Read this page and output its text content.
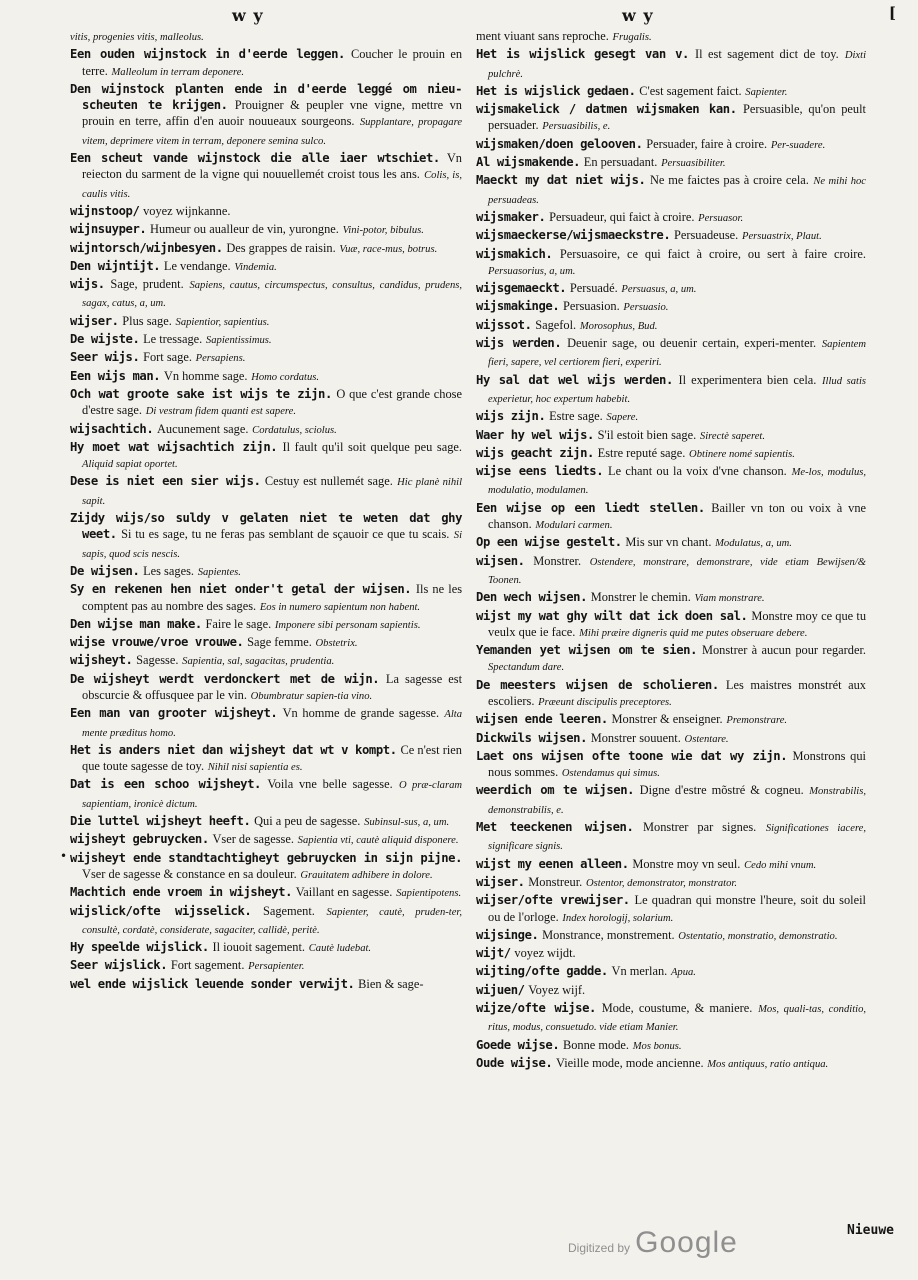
w y	w y	[
•

vitis, progenies vitis, malleolus.

Een ouden wijnstock in d'eerde leggen. Coucher le prouin en terre. Malleolum in terram deponere.

Den wijnstock planten ende in d'eerde leggé om nieu-scheuten te krijgen. Prouigner & peupler vne vigne, mettre vn prouin en terre, affin d'en auoir nouueaux sourgeons. Supplantare, propagare vitem, deprimere vitem in terram, deponere semina sulco.

Een scheut vande wijnstock die alle iaer wtschiet. Vn reiecton du sarment de la vigne qui nouuellemét croist tous les ans. Colis, is, caulis vitis.

wijnstoop/ voyez wijnkanne.

wijnsuyper. Humeur ou aualleur de vin, yurongne. Vini-potor, bibulus.

wijntorsch/wijnbesyen. Des grappes de raisin. Vuæ, race-mus, botrus.

Den wijntijt. Le vendange. Vindemia.

wijs. Sage, prudent. Sapiens, cautus, circumspectus, consultus, candidus, prudens, sagax, catus, a, um.

wijser. Plus sage. Sapientior, sapientius.

De wijste. Le tressage. Sapientissimus.

Seer wijs. Fort sage. Persapiens.

Een wijs man. Vn homme sage. Homo cordatus.

Och wat groote sake ist wijs te zijn. O que c'est grande chose d'estre sage. Di vestram fidem quanti est sapere.

wijsachtich. Aucunement sage. Cordatulus, sciolus.

Hy moet wat wijsachtich zijn. Il fault qu'il soit quelque peu sage. Aliquid sapiat oportet.

Dese is niet een sier wijs. Cestuy est nullemét sage. Hic planè nihil sapit.

Zijdy wijs/so suldy v gelaten niet te weten dat ghy weet. Si tu es sage, tu ne feras pas semblant de sçauoir ce que tu scais. Si sapis, quod scis nescis.

De wijsen. Les sages. Sapientes.

Sy en rekenen hen niet onder't getal der wijsen. Ils ne les comptent pas au nombre des sages. Eos in numero sapientum non habent.

Den wijse man make. Faire le sage. Imponere sibi personam sapientis.

wijse vrouwe/vroe vrouwe. Sage femme. Obstetrix.

wijsheyt. Sagesse. Sapientia, sal, sagacitas, prudentia.

De wijsheyt werdt verdonckert met de wijn. La sagesse est obscurcie & offusquee par le vin. Obumbratur sapien-tia vino.

Een man van grooter wijsheyt. Vn homme de grande sagesse. Alta mente præditus homo.

Het is anders niet dan wijsheyt dat wt v kompt. Ce n'est rien que toute sagesse de toy. Nihil nisi sapientia es.

Dat is een schoo wijsheyt. Voila vne belle sagesse. O præ-claram sapientiam, ironicè dictum.

Die luttel wijsheyt heeft. Qui a peu de sagesse. Subinsul-sus, a, um.

wijsheyt gebruycken. Vser de sagesse. Sapientia vti, cautè aliquid disponere.

wijsheyt ende standtachtigheyt gebruycken in sijn pijne. Vser de sagesse & constance en sa douleur. Grauitatem adhibere in dolore.

Machtich ende vroem in wijsheyt. Vaillant en sagesse. Sapientipotens.

wijslick/ofte wijsselick. Sagement. Sapienter, cautè, pruden-ter, consultè, cordatè, considerate, sagaciter, callidè, peritè.

Hy speelde wijslick. Il iouoit sagement. Cautè ludebat.

Seer wijslick. Fort sagement. Persapienter.

wel ende wijslick leuende sonder verwijt. Bien & sage-

ment viuant sans reproche. Frugalis.

Het is wijslick gesegt van v. Il est sagement dict de toy. Dixti pulchrè.

Het is wijslick gedaen. C'est sagement faict. Sapienter.

wijsmakelick / datmen wijsmaken kan. Persuasible, qu'on peult persuader. Persuasibilis, e.

wijsmaken/doen gelooven. Persuader, faire à croire. Per-suadere.

Al wijsmakende. En persuadant. Persuasibiliter.

Maeckt my dat niet wijs. Ne me faictes pas à croire cela. Ne mihi hoc persuadeas.

wijsmaker. Persuadeur, qui faict à croire. Persuasor.

wijsmaeckerse/wijsmaeckstre. Persuadeuse. Persuastrix, Plaut.

wijsmakich. Persuasoire, ce qui faict à croire, ou sert à faire croire. Persuasorius, a, um.

wijsgemaeckt. Persuadé. Persuasus, a, um.

wijsmakinge. Persuasion. Persuasio.

wijssot. Sagefol. Morosophus, Bud.

wijs werden. Deuenir sage, ou deuenir certain, experi-menter. Sapientem fieri, sapere, vel certiorem fieri, experiri.

Hy sal dat wel wijs werden. Il experimentera bien cela. Illud satis experietur, hoc expertum habebit.

wijs zijn. Estre sage. Sapere.

Waer hy wel wijs. S'il estoit bien sage. Sirectè saperet.

wijs geacht zijn. Estre reputé sage. Obtinere nomé sapientis.

wijse eens liedts. Le chant ou la voix d'vne chanson. Me-los, modulus, modulatio, modulamen.

Een wijse op een liedt stellen. Bailler vn ton ou voix à vne chanson. Modulari carmen.

Op een wijse gestelt. Mis sur vn chant. Modulatus, a, um.

wijsen. Monstrer. Ostendere, monstrare, demonstrare, vide etiam Bewijsen/& Toonen.

Den wech wijsen. Monstrer le chemin. Viam monstrare.

wijst my wat ghy wilt dat ick doen sal. Monstre moy ce que tu veulx que ie face. Mihi præire digneris quid me putes obseruare debere.

Yemanden yet wijsen om te sien. Monstrer à aucun pour regarder. Spectandum dare.

De meesters wijsen de scholieren. Les maistres monstrét aux escoliers. Præeunt discipulis preceptores.

wijsen ende leeren. Monstrer & enseigner. Premonstrare.

Dickwils wijsen. Monstrer souuent. Ostentare.

Laet ons wijsen ofte toone wie dat wy zijn. Monstrons qui nous sommes. Ostendamus qui simus.

weerdich om te wijsen. Digne d'estre mõstré & cogneu. Monstrabilis, demonstrabilis, e.

Met teeckenen wijsen. Monstrer par signes. Significationes iacere, significare signis.

wijst my eenen alleen. Monstre moy vn seul. Cedo mihi vnum.

wijser. Monstreur. Ostentor, demonstrator, monstrator.

wijser/ofte vrewijser. Le quadran qui monstre l'heure, soit du soleil ou de l'orloge. Index horologij, solarium.

wijsinge. Monstrance, monstrement. Ostentatio, monstratio, demonstratio.

wijt/ voyez wijdt.

wijting/ofte gadde. Vn merlan. Apua.

wijuen/ Voyez wijf.

wijze/ofte wijse. Mode, coustume, & maniere. Mos, quali-tas, conditio, ritus, modus, consuetudo. vide etiam Manier.

Goede wijse. Bonne mode. Mos bonus.

Oude wijse. Vieille mode, mode ancienne. Mos antiquus, ratio antiqua.

Nieuwe
Digitized by Google
